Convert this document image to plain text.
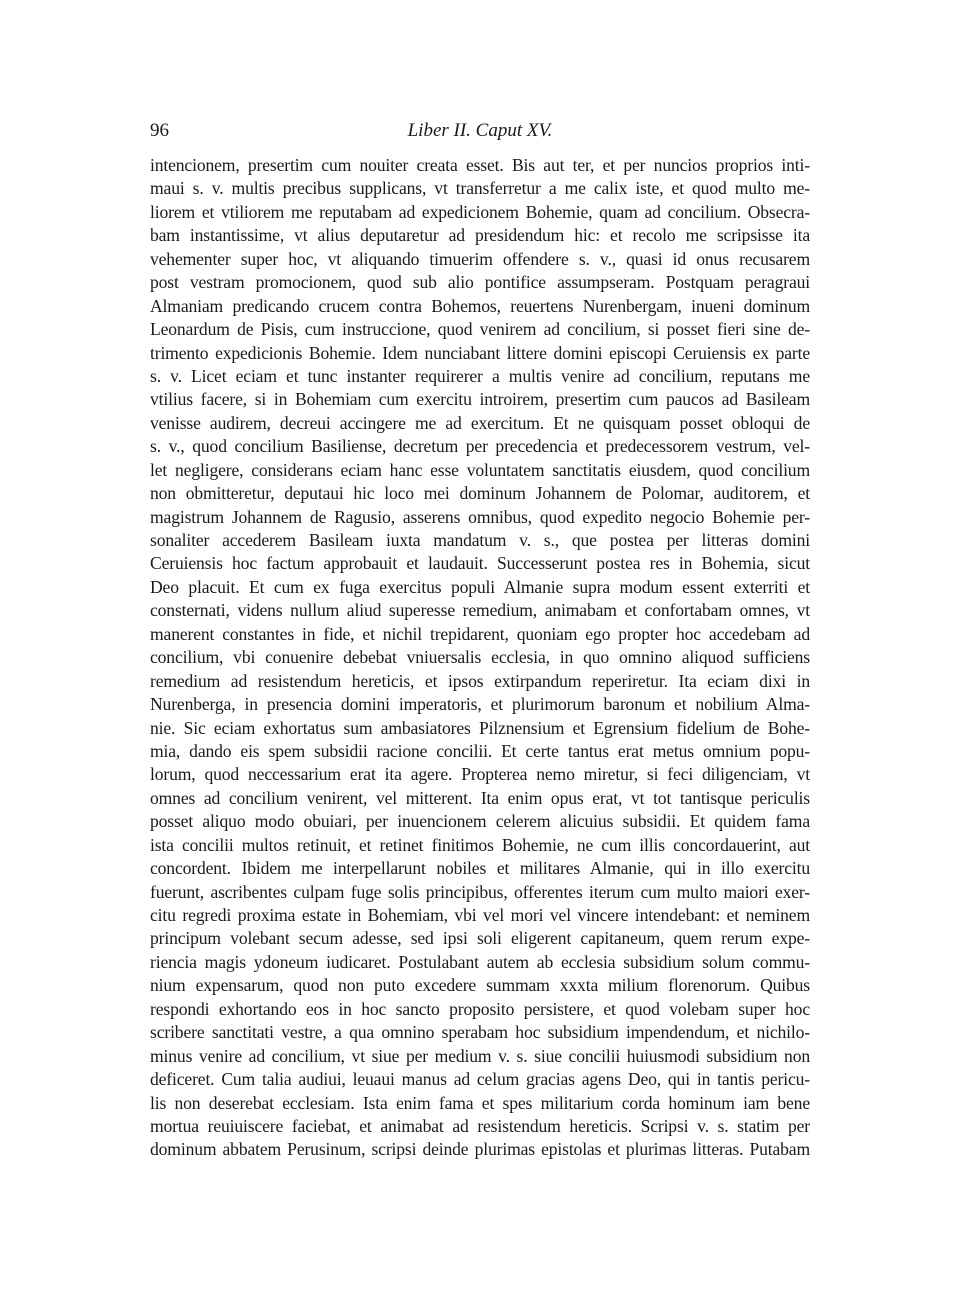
96	Liber II. Caput XV.
intencionem, presertim cum nouiter creata esset. Bis aut ter, et per nuncios proprios inti-
maui s. v. multis precibus supplicans, vt transferretur a me calix iste, et quod multo me-
liorem et vtiliorem me reputabam ad expedicionem Bohemie, quam ad concilium. Obsecra-
bam instantissime, vt alius deputaretur ad presidendum hic: et recolo me scripsisse ita
vehementer super hoc, vt aliquando timuerim offendere s. v., quasi id onus recusarem
post vestram promocionem, quod sub alio pontifice assumpseram. Postquam peragraui
Almaniam predicando crucem contra Bohemos, reuertens Nurenbergam, inueni dominum
Leonardum de Pisis, cum instruccione, quod venirem ad concilium, si posset fieri sine de-
trimento expedicionis Bohemie. Idem nunciabant littere domini episcopi Ceruiensis ex parte
s. v. Licet eciam et tunc instanter requirerer a multis venire ad concilium, reputans me
vtilius facere, si in Bohemiam cum exercitu introirem, presertim cum paucos ad Basileam
venisse audirem, decreui accingere me ad exercitum. Et ne quisquam posset obloqui de
s. v., quod concilium Basiliense, decretum per precedencia et predecessorem vestrum, vel-
let negligere, considerans eciam hanc esse voluntatem sanctitatis eiusdem, quod concilium
non obmitteretur, deputaui hic loco mei dominum Johannem de Polomar, auditorem, et
magistrum Johannem de Ragusio, asserens omnibus, quod expedito negocio Bohemie per-
sonaliter accederem Basileam iuxta mandatum v. s., que postea per litteras domini
Ceruiensis hoc factum approbauit et laudauit. Successerunt postea res in Bohemia, sicut
Deo placuit. Et cum ex fuga exercitus populi Almanie supra modum essent exterriti et
consternati, videns nullum aliud superesse remedium, animabam et confortabam omnes, vt
manerent constantes in fide, et nichil trepidarent, quoniam ego propter hoc accedebam ad
concilium, vbi conuenire debebat vniuersalis ecclesia, in quo omnino aliquod sufficiens
remedium ad resistendum hereticis, et ipsos extirpandum reperiretur. Ita eciam dixi in
Nurenberga, in presencia domini imperatoris, et plurimorum baronum et nobilium Alma-
nie. Sic eciam exhortatus sum ambasiatores Pilznensium et Egrensium fidelium de Bohe-
mia, dando eis spem subsidii racione concilii. Et certe tantus erat metus omnium popu-
lorum, quod neccessarium erat ita agere. Propterea nemo miretur, si feci diligenciam, vt
omnes ad concilium venirent, vel mitterent. Ita enim opus erat, vt tot tantisque periculis
posset aliquo modo obuiari, per inuencionem celerem alicuius subsidii. Et quidem fama
ista concilii multos retinuit, et retinet finitimos Bohemie, ne cum illis concordauerint, aut
concordent. Ibidem me interpellarunt nobiles et militares Almanie, qui in illo exercitu
fuerunt, ascribentes culpam fuge solis principibus, offerentes iterum cum multo maiori exer-
citu regredi proxima estate in Bohemiam, vbi vel mori vel vincere intendebant: et neminem
principum volebant secum adesse, sed ipsi soli eligerent capitaneum, quem rerum expe-
riencia magis ydoneum iudicaret. Postulabant autem ab ecclesia subsidium solum commu-
nium expensarum, quod non puto excedere summam xxxta milium florenorum. Quibus
respondi exhortando eos in hoc sancto proposito persistere, et quod volebam super hoc
scribere sanctitati vestre, a qua omnino sperabam hoc subsidium impendendum, et nichilo-
minus venire ad concilium, vt siue per medium v. s. siue concilii huiusmodi subsidium non
deficeret. Cum talia audiui, leuaui manus ad celum gracias agens Deo, qui in tantis pericu-
lis non deserebat ecclesiam. Ista enim fama et spes militarium corda hominum iam bene
mortua reuiuiscere faciebat, et animabat ad resistendum hereticis. Scripsi v. s. statim per
dominum abbatem Perusinum, scripsi deinde plurimas epistolas et plurimas litteras. Putabam
